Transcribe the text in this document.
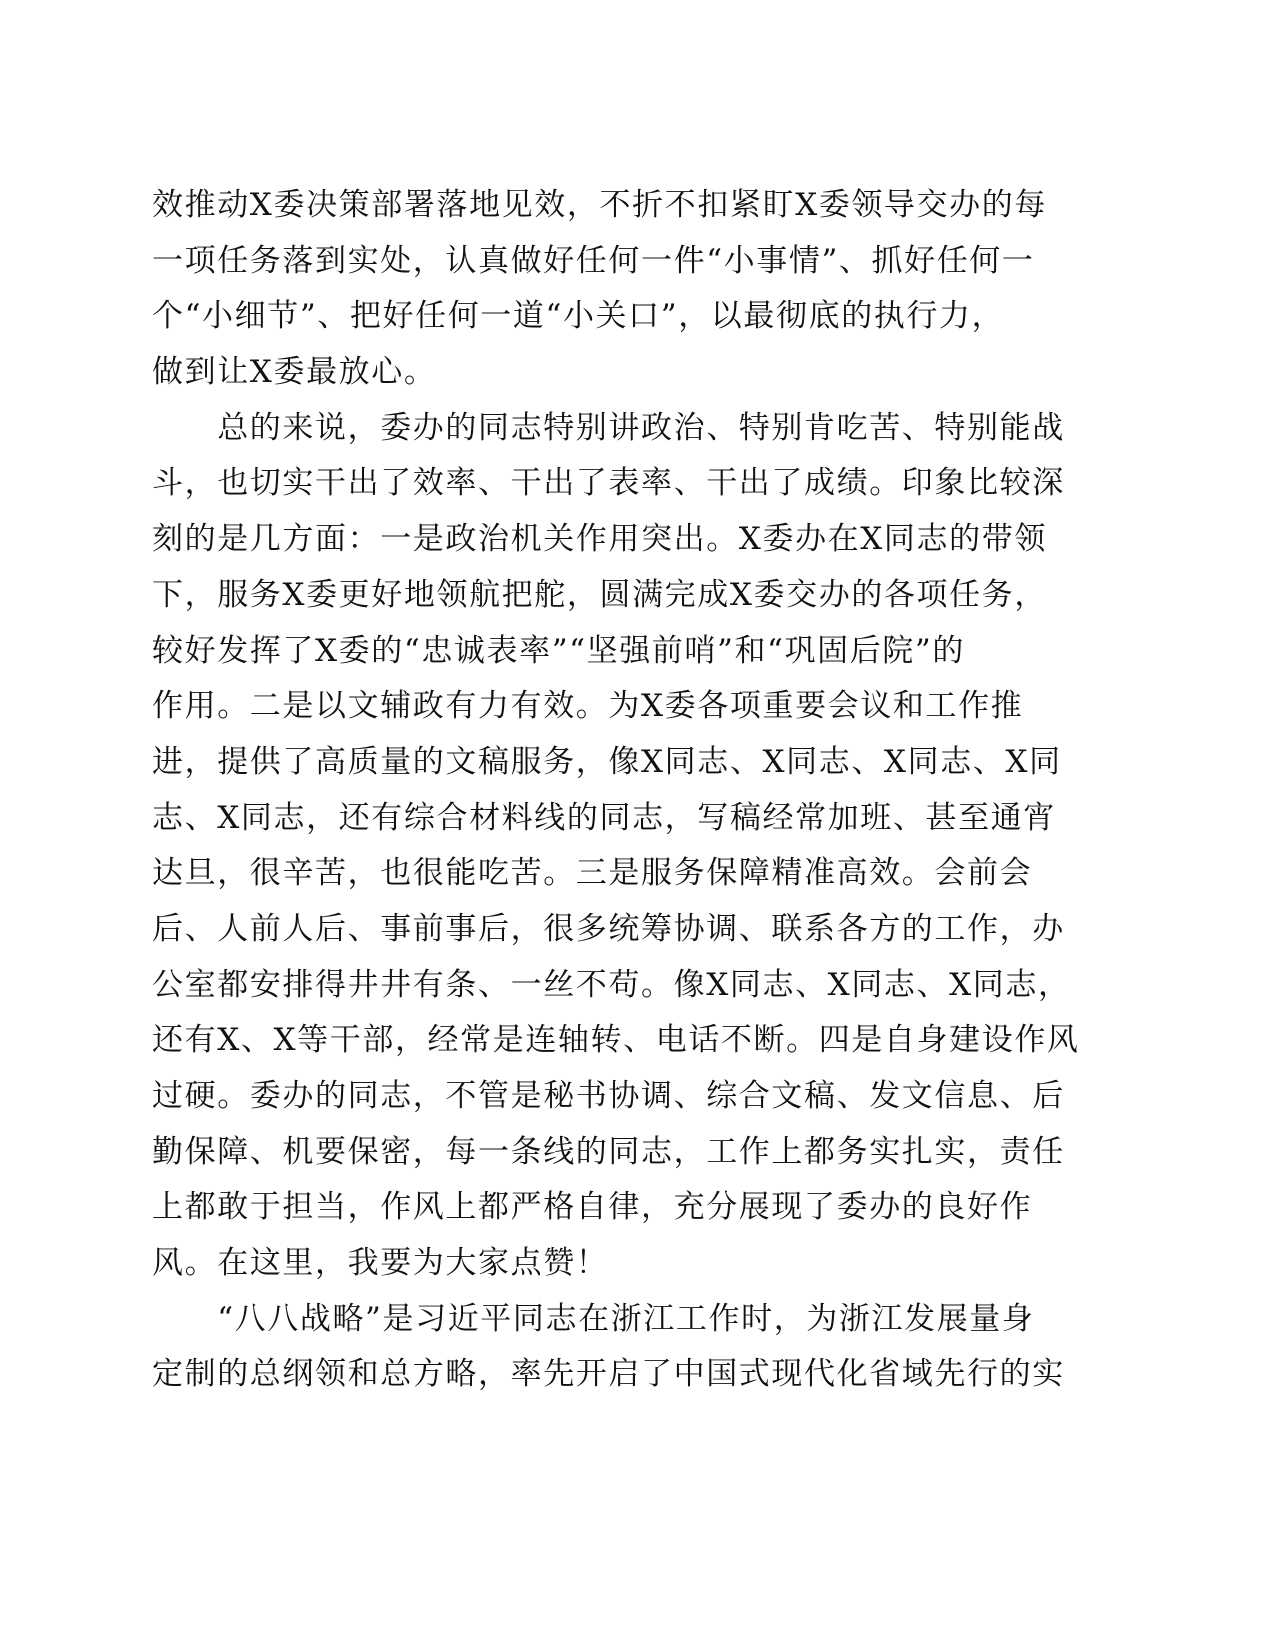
效推动X委决策部署落地见效，不折不扣紧盯X委领导交办的每
一项任务落到实处，认真做好任何一件“小事情”、抓好任何一
个“小细节”、把好任何一道“小关口”，以最彻底的执行力，
做到让X委最放心。
　　总的来说，委办的同志特别讲政治、特别肯吃苦、特别能战
斗，也切实干出了效率、干出了表率、干出了成绩。印象比较深
刻的是几方面：一是政治机关作用突出。X委办在X同志的带领
下，服务X委更好地领航把舵，圆满完成X委交办的各项任务，
较好发挥了X委的“忠诚表率”“坚强前哨”和“巩固后院”的
作用。二是以文辅政有力有效。为X委各项重要会议和工作推
进，提供了高质量的文稿服务，像X同志、X同志、X同志、X同
志、X同志，还有综合材料线的同志，写稿经常加班、甚至通宵
达旦，很辛苦，也很能吃苦。三是服务保障精准高效。会前会
后、人前人后、事前事后，很多统筹协调、联系各方的工作，办
公室都安排得井井有条、一丝不苟。像X同志、X同志、X同志，
还有X、X等干部，经常是连轴转、电话不断。四是自身建设作风
过硬。委办的同志，不管是秘书协调、综合文稿、发文信息、后
勤保障、机要保密，每一条线的同志，工作上都务实扎实，责任
上都敢于担当，作风上都严格自律，充分展现了委办的良好作
风。在这里，我要为大家点赞！
　　“八八战略”是习近平同志在浙江工作时，为浙江发展量身
定制的总纲领和总方略，率先开启了中国式现代化省域先行的实
